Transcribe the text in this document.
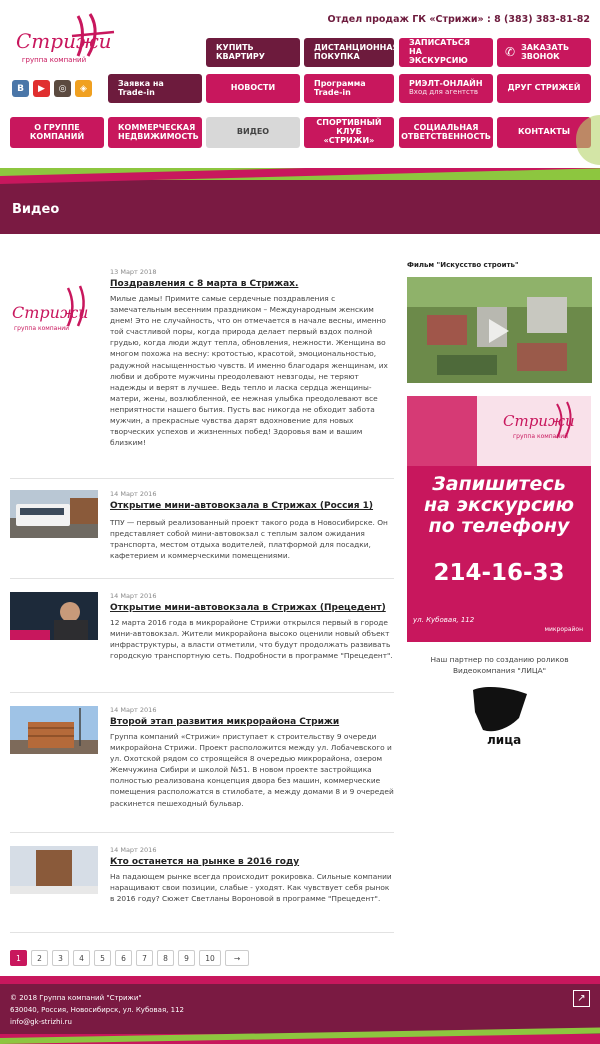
Стрижи
группа компаний
Отдел продаж ГК «Стрижи» : 8 (383) 383-81-82
КУПИТЬ КВАРТИРУ
ДИСТАНЦИОННАЯ ПОКУПКА
ЗАПИСАТЬСЯ НА ЭКСКУРСИЮ
✆ ЗАКАЗАТЬ ЗВОНОК
B	▶	◎	◈
Заявка на Trade-in	НОВОСТИ	Программа Trade-in
РИЭЛТ-ОНЛАЙН
Вход для агентств	ДРУГ СТРИЖЕЙ
О ГРУППЕ КОМПАНИЙ
КОММЕРЧЕСКАЯ НЕДВИЖИМОСТЬ	ВИДЕО
СПОРТИВНЫЙ КЛУБ «СТРИЖИ»
СОЦИАЛЬНАЯ ОТВЕТСТВЕННОСТЬ	КОНТАКТЫ
Видео
Стрижи
группа компаний
13 Март 2018
Поздравления с 8 марта в Стрижах.
Милые дамы! Примите самые сердечные поздравления с замечательным весенним праздником – Международным женским днем! Это не случайность, что он отмечается в начале весны, именно той счастливой поры, когда природа делает первый вздох полной грудью, когда люди ждут тепла, обновления, нежности. Женщина во многом похожа на весну: кротостью, красотой, эмоциональностью, радужной насыщенностью чувств. И именно благодаря женщинам, их любви и доброте мужчины преодолевают невзгоды, не теряют надежды и верят в лучшее. Ведь тепло и ласка сердца женщины-матери, жены, возлюбленной, ее нежная улыбка преодолевают все неприятности нашего бытия. Пусть вас никогда не обходит забота мужчин, а прекрасные чувства дарят вдохновение для новых творческих успехов и жизненных побед! Здоровья вам и вашим близким!
14 Март 2016
Открытие мини-автовокзала в Стрижах (Россия 1)
ТПУ — первый реализованный проект такого рода в Новосибирске. Он представляет собой мини-автовокзал с теплым залом ожидания транспорта, местом отдыха водителей, платформой для посадки, кафетерием и коммерческими помещениями.
14 Март 2016
Открытие мини-автовокзала в Стрижах (Прецедент)
12 марта 2016 года в микрорайоне Стрижи открылся первый в городе мини-автовокзал. Жители микрорайона высоко оценили новый объект инфраструктуры, а власти отметили, что будут продолжать развивать городскую транспортную сеть. Подробности в программе "Прецедент".
14 Март 2016
Второй этап развития микрорайона Стрижи
Группа компаний «Стрижи» приступает к строительству 9 очереди микрорайона Стрижи. Проект расположится между ул. Лобачевского и ул. Охотской рядом со строящейся 8 очередью микрорайона, озером Жемчужина Сибири и школой №51. В новом проекте застройщика полностью реализована концепция двора без машин, коммерческие помещения расположатся в стилобате, а между домами 8 и 9 очередей раскинется пешеходный бульвар.
14 Март 2016
Кто останется на рынке в 2016 году
На падающем рынке всегда происходит рокировка. Сильные компании наращивают свои позиции, слабые - уходят. Как чувствует себя рынок в 2016 году? Сюжет Светланы Вороновой в программе "Прецедент".
1	2	3	4	5	6	7	8	9	10	→
Фильм "Искусство строить"
Стрижи
группа компаний
Запишитесь
на экскурсию
по телефону
214-16-33
ул. Кубовая, 112
микрорайон
Наш партнер по созданию роликов Видеокомпания "ЛИЦА"
лица
© 2018 Группа компаний "Стрижи"
630040, Россия, Новосибирск, ул. Кубовая, 112
info@gk-strizhi.ru
↗
